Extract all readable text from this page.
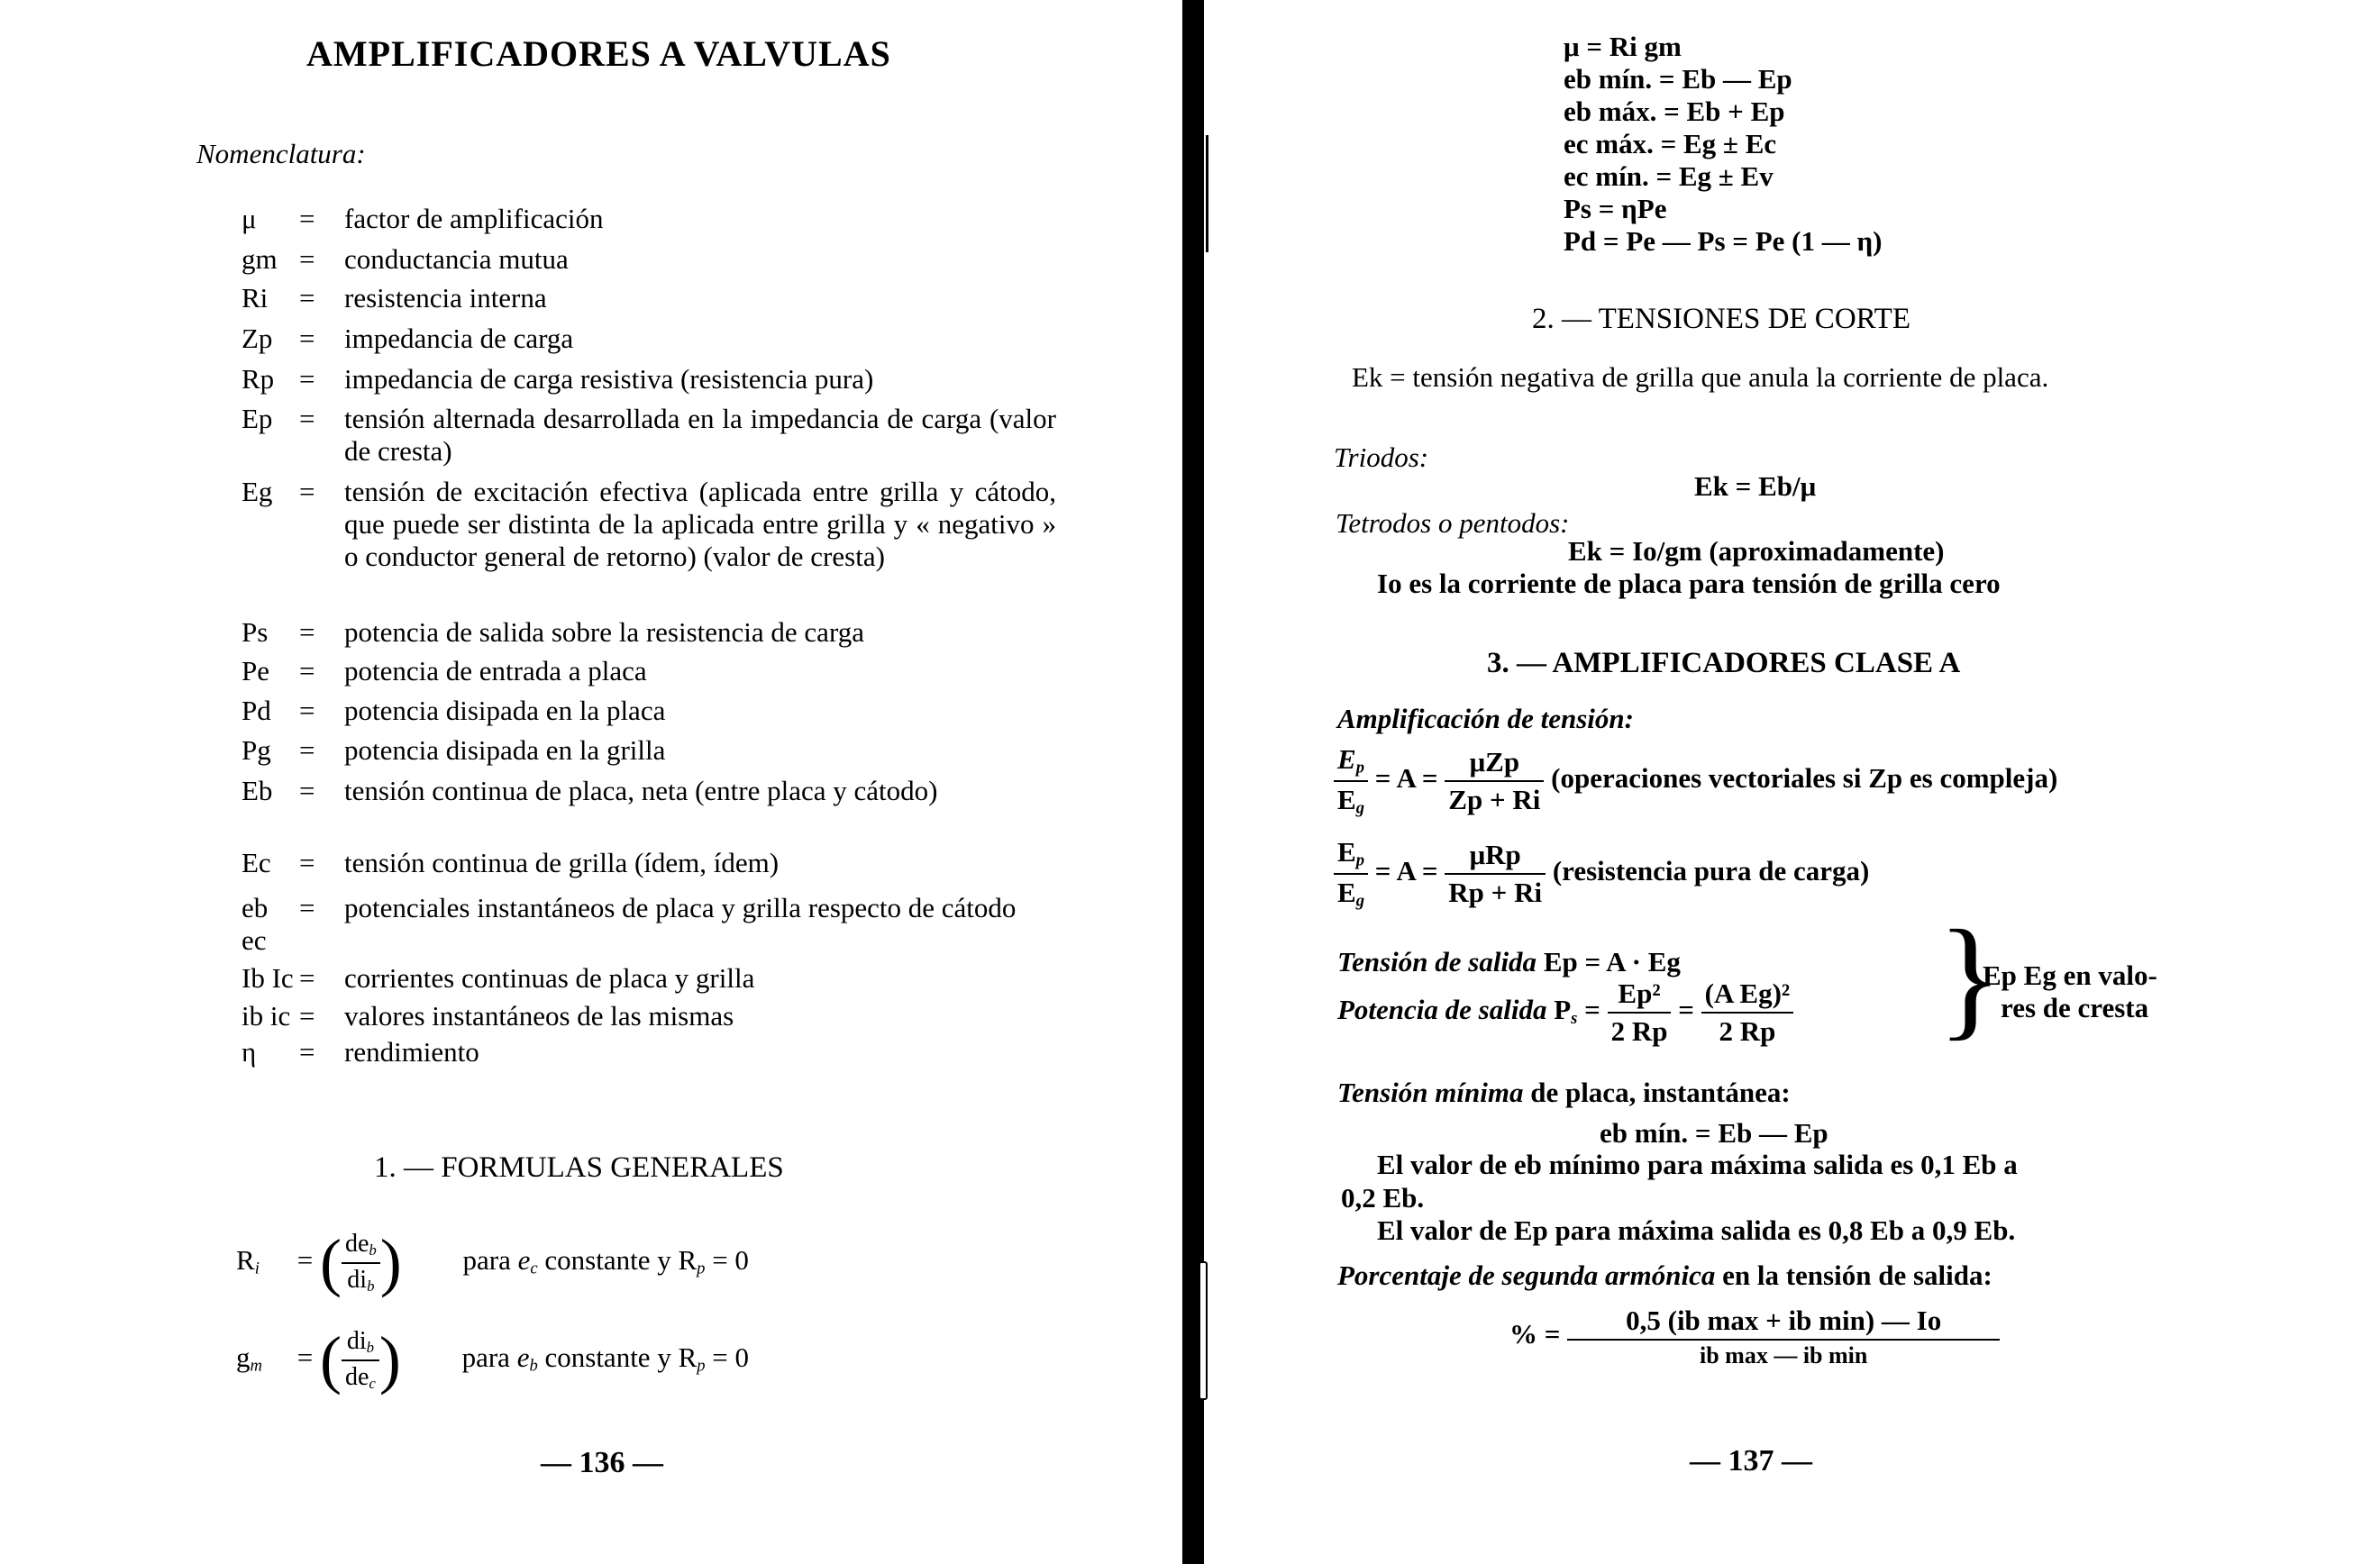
AMPLIFICADORES A VALVULAS
Nomenclatura:
μ	= factor de amplificación
gm = conductancia mutua
Ri	= resistencia interna
Zp = impedancia de carga
Rp = impedancia de carga resistiva (resistencia pura)
Ep = tensión alternada desarrollada en la impedancia de carga (valor de cresta)
Eg = tensión de excitación efectiva (aplicada entre grilla y cátodo, que puede ser distinta de la aplicada entre grilla y « negativo » o conductor general de retorno) (valor de cresta)
Ps	= potencia de salida sobre la resistencia de carga
Pe	= potencia de entrada a placa
Pd	= potencia disipada en la placa
Pg	= potencia disipada en la grilla
Eb = tensión continua de placa, neta (entre placa y cátodo)
Ec	= tensión continua de grilla (ídem, ídem)
eb ec
= potenciales instantáneos de placa y grilla respecto de cátodo
Ib Ic = corrientes continuas de placa y grilla
ib ic = valores instantáneos de las mismas
η	= rendimiento
1. — FORMULAS GENERALES
$R_i$ = ( $\frac{de_b}{di_b}$ ) para $e_c$ constante y $R_p = 0$
$g_m$ = ( $\frac{di_b}{de_c}$ ) para $e_b$ constante y $R_p = 0$
— 136 —
μ = Ri gm
eb mín. = Eb — Ep
eb máx. = Eb + Ep
ec máx. = Eg ± Ec
ec mín. = Eg ± Ev
Ps = ηPe
Pd = Pe — Ps = Pe (1 — η)
2. — TENSIONES DE CORTE
Ek = tensión negativa de grilla que anula la corriente de placa.
Triodos:
Ek = Eb/μ
Tetrodos o pentodos:
Ek = Io/gm (aproximadamente)
Io es la corriente de placa para tensión de grilla cero
3. — AMPLIFICADORES CLASE A
Amplificación de tensión:
$\frac{E_p}{E_g} = A = \frac{\text{μZp}}{Zp + Ri}$ (operaciones vectoriales si Zp es compleja)
$\frac{E_p}{E_g} = A = \frac{\text{μRp}}{Rp + Ri}$ (resistencia pura de carga)
Tensión de salida Ep = A · Eg
Potencia de salida $P_s = \frac{\text{Ep²}}{2 Rp} = \frac{\text{(A Eg)²}}{2 Rp}$ }
Ep Eg en valo-
res de cresta
Tensión mínima de placa, instantánea:
eb mín. = Eb — Ep
El valor de eb mínimo para máxima salida es 0,1 Eb a
0,2 Eb.
El valor de Ep para máxima salida es 0,8 Eb a 0,9 Eb.
Porcentaje de segunda armónica en la tensión de salida:
% = $\frac{\text{0,5 (ib max + ib min) — Io}}{\text{ib max — ib min}}$
— 137 —
